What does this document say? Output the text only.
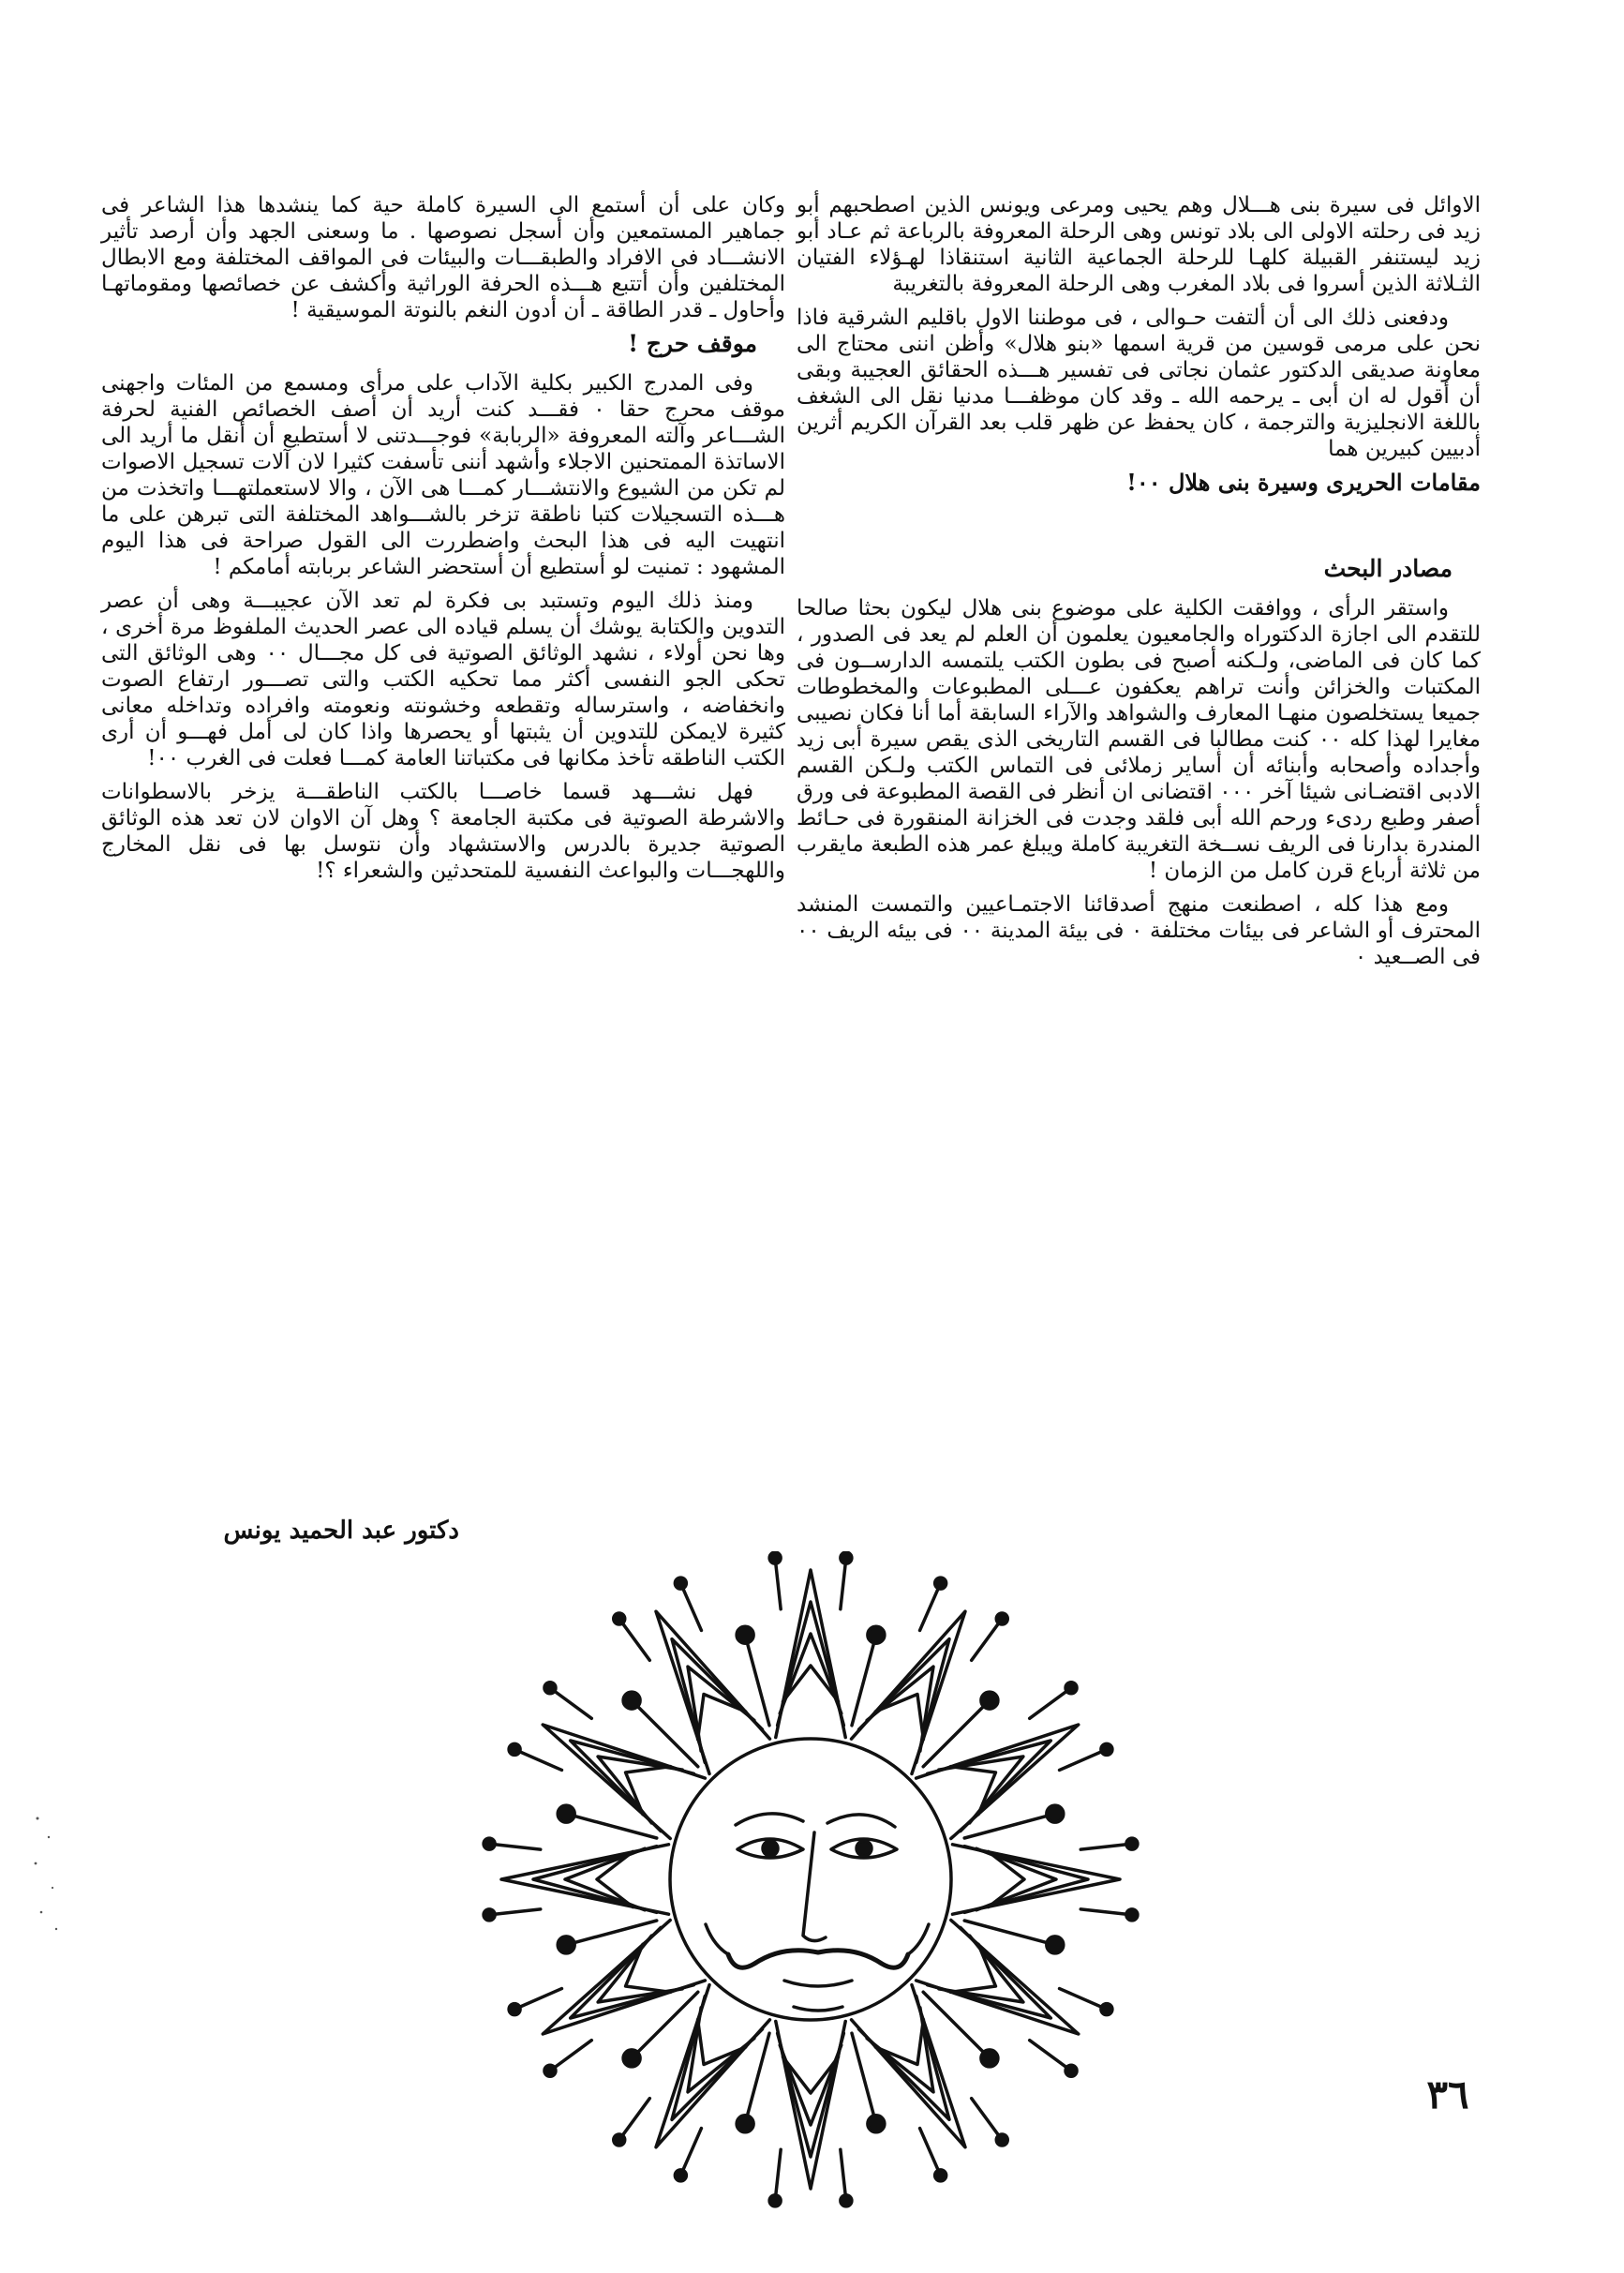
الاوائل فى سيرة بنى هـــلال وهم يحيى ومرعى ويونس الذين اصطحبهم أبو زيد فى رحلته الاولى الى بلاد تونس وهى الرحلة المعروفة بالرباعة ثم عـاد أبو زيد ليستنفر القبيلة كلهـا للرحلة الجماعية الثانية استنقاذا لهـؤلاء الفتيان الثـلاثة الذين أسروا فى بلاد المغرب وهى الرحلة المعروفة بالتغريبة

ودفعنى ذلك الى أن ألتفت حـوالى ، فى موطننا الاول باقليم الشرقية فاذا نحن على مرمى قوسين من قرية اسمها «بنو هلال» وأظن اننى محتاج الى معاونة صديقى الدكتور عثمان نجاتى فى تفسير هـــذه الحقائق العجيبة وبقى أن أقول له ان أبى ـ يرحمه الله ـ وقد كان موظفـــا مدنيا نقل الى الشغف باللغة الانجليزية والترجمة ، كان يحفظ عن ظهر قلب بعد القرآن الكريم أثرين أدبيين كبيرين هما

مقامات الحريرى وسيرة بنى هلال ٠٠!

مصادر البحث

واستقر الرأى ، ووافقت الكلية على موضوع بنى هلال ليكون بحثا صالحا للتقدم الى اجازة الدكتوراه والجامعيون يعلمون أن العلم لم يعد فى الصدور ، كما كان فى الماضى، ولـكنه أصبح فى بطون الكتب يلتمسه الدارســون فى المكتبات والخزائن وأنت تراهم يعكفون عـــلى المطبوعات والمخطوطات جميعا يستخلصون منهـا المعارف والشواهد والآراء السابقة أما أنا فكان نصيبى مغايرا لهذا كله ٠٠ كنت مطالبا فى القسم التاريخى الذى يقص سيرة أبى زيد وأجداده وأصحابه وأبنائه أن أساير زملائى فى التماس الكتب ولـكن القسم الادبى اقتضـانى شيئا آخر ٠٠٠ اقتضانى ان أنظر فى القصة المطبوعة فى ورق أصفر وطبع ردىء ورحم الله أبى فلقد وجدت فى الخزانة المنقورة فى حـائط المندرة بدارنا فى الريف نســخة التغريبة كاملة ويبلغ عمر هذه الطبعة مايقرب من ثلاثة أرباع قرن كامل من الزمان !

ومع هذا كله ، اصطنعت منهج أصدقائنا الاجتمـاعيين والتمست المنشد المحترف أو الشاعر فى بيئات مختلفة ٠ فى بيئة المدينة ٠٠ فى بيئه الريف ٠٠ فى الصــعيد ٠

وكان على أن أستمع الى السيرة كاملة حية كما ينشدها هذا الشاعر فى جماهير المستمعين وأن أسجل نصوصها . ما وسعنى الجهد وأن أرصد تأثير الانشـــاد فى الافراد والطبقـــات والبيئات فى المواقف المختلفة ومع الابطال المختلفين وأن أتتبع هـــذه الحرفة الوراثية وأكشف عن خصائصها ومقوماتهـا وأحاول ـ قدر الطاقة ـ أن أدون النغم بالنوتة الموسيقية !

موقف حرج !

وفى المدرج الكبير بكلية الآداب على مرأى ومسمع من المئات واجهنى موقف محرج حقا ٠ فقـــد كنت أريد أن أصف الخصائص الفنية لحرفة الشـــاعر وآلته المعروفة «الربابة» فوجـــدتنى لا أستطيع أن أنقل ما أريد الى الاساتذة الممتحنين الاجلاء وأشهد أننى تأسفت كثيرا لان آلات تسجيل الاصوات لم تكن من الشيوع والانتشـــار كمـــا هى الآن ، والا لاستعملتهـــا واتخذت من هـــذه التسجيلات كتبا ناطقة تزخر بالشـــواهد المختلفة التى تبرهن على ما انتهيت اليه فى هذا البحث واضطررت الى القول صراحة فى هذا اليوم المشهود : تمنيت لو أستطيع أن أستحضر الشاعر بربابته أمامكم !

ومنذ ذلك اليوم وتستبد بى فكرة لم تعد الآن عجيبـــة وهى أن عصر التدوين والكتابة يوشك أن يسلم قياده الى عصر الحديث الملفوظ مرة أخرى ، وها نحن أولاء ، نشهد الوثائق الصوتية فى كل مجـــال ٠٠ وهى الوثائق التى تحكى الجو النفسى أكثر مما تحكيه الكتب والتى تصـــور ارتفاع الصوت وانخفاضه ، واسترساله وتقطعه وخشونته ونعومته وافراده وتداخله معانى كثيرة لايمكن للتدوين أن يثبتها أو يحصرها واذا كان لى أمل فهـــو أن أرى الكتب الناطقه تأخذ مكانها فى مكتباتنا العامة كمـــا فعلت فى الغرب ٠٠!

فهل نشـــهد قسما خاصـــا بالكتب الناطقـــة يزخر بالاسطوانات والاشرطة الصوتية فى مكتبة الجامعة ؟ وهل آن الاوان لان تعد هذه الوثائق الصوتية جديرة بالدرس والاستشهاد وأن نتوسل بها فى نقل المخارج واللهجـــات والبواعث النفسية للمتحدثين والشعراء ؟!

دكتور عبد الحميد يونس
٣٦
